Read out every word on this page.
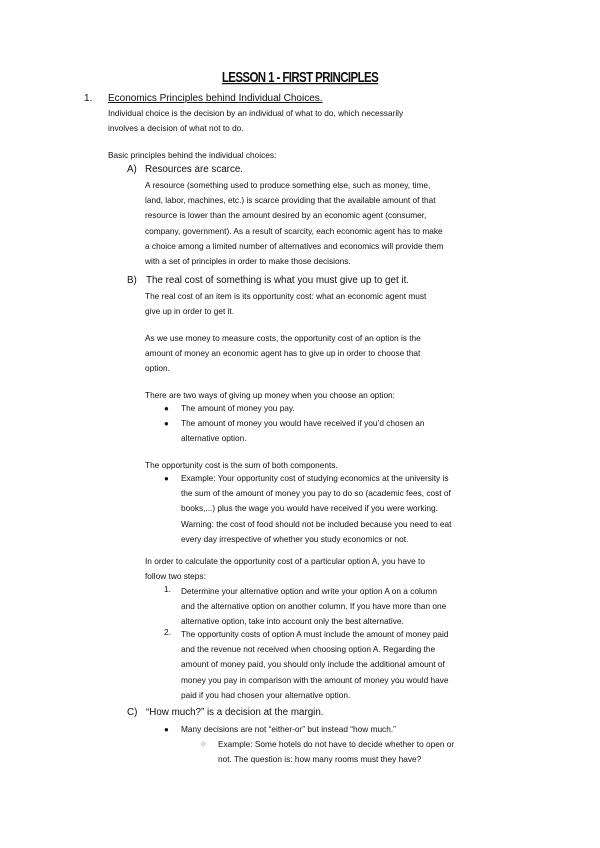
LESSON 1 - FIRST PRINCIPLES
1. Economics Principles behind Individual Choices.
Individual choice is the decision by an individual of what to do, which necessarily
involves a decision of what not to do.
Basic principles behind the individual choices:
A) Resources are scarce.
A resource (something used to produce something else, such as money, time,
land, labor, machines, etc.) is scarce providing that the available amount of that
resource is lower than the amount desired by an economic agent (consumer,
company, government). As a result of scarcity, each economic agent has to make
a choice among a limited number of alternatives and economics will provide them
with a set of principles in order to make those decisions.
B) The real cost of something is what you must give up to get it.
The real cost of an item is its opportunity cost: what an economic agent must
give up in order to get it.
As we use money to measure costs, the opportunity cost of an option is the
amount of money an economic agent has to give up in order to choose that
option.
There are two ways of giving up money when you choose an option:
● The amount of money you pay.
● The amount of money you would have received if you’d chosen an
alternative option.
The opportunity cost is the sum of both components.
● Example: Your opportunity cost of studying economics at the university is
the sum of the amount of money you pay to do so (academic fees, cost of
books,...) plus the wage you would have received if you were working.
Warning: the cost of food should not be included because you need to eat
every day irrespective of whether you study economics or not.
In order to calculate the opportunity cost of a particular option A, you have to
follow two steps:
1. Determine your alternative option and write your option A on a column
and the alternative option on another column. If you have more than one
alternative option, take into account only the best alternative.
2. The opportunity costs of option A must include the amount of money paid
and the revenue not received when choosing option A. Regarding the
amount of money paid, you should only include the additional amount of
money you pay in comparison with the amount of money you would have
paid if you had chosen your alternative option.
C) “How much?” is a decision at the margin.
● Many decisions are not “either-or” but instead “how much.”
○ Example: Some hotels do not have to decide whether to open or
not. The question is: how many rooms must they have?
